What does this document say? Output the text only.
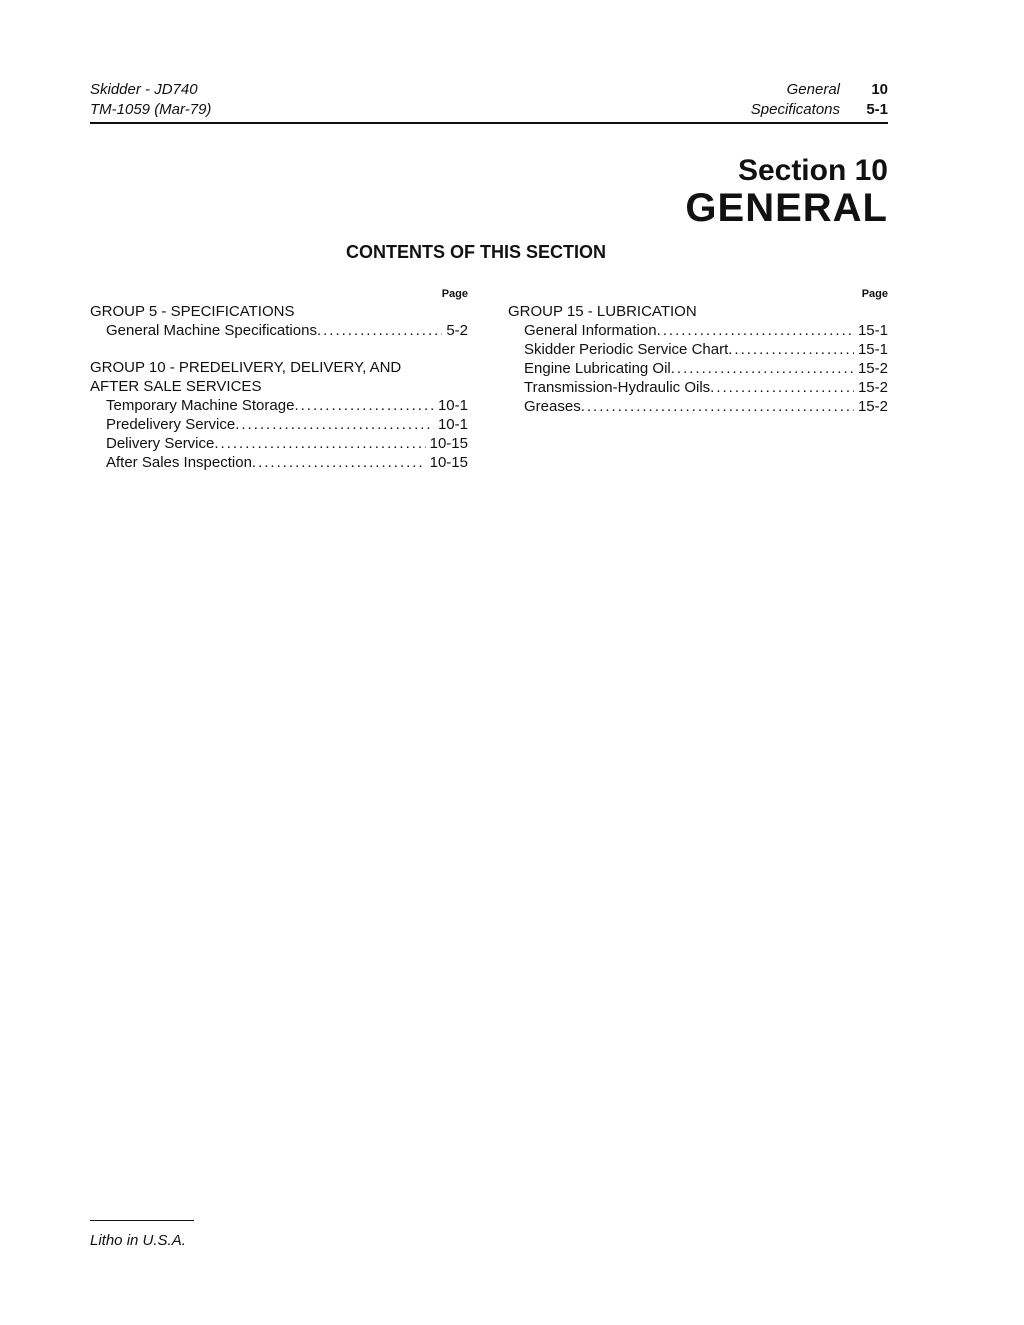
Skidder - JD740
TM-1059 (Mar-79)
General	10
Specificatons	5-1
Section 10
GENERAL
CONTENTS OF THIS SECTION
Page
GROUP 5 - SPECIFICATIONS
General Machine Specifications .....	5-2
GROUP 10 - PREDELIVERY, DELIVERY, AND
AFTER SALE SERVICES
Temporary Machine Storage .....	10-1
Predelivery Service .....	10-1
Delivery Service .....	10-15
After Sales Inspection .....	10-15
Page
GROUP 15 - LUBRICATION
General Information .....	15-1
Skidder Periodic Service Chart .....	15-1
Engine Lubricating Oil .....	15-2
Transmission-Hydraulic Oils .....	15-2
Greases .....	15-2
Litho in U.S.A.
